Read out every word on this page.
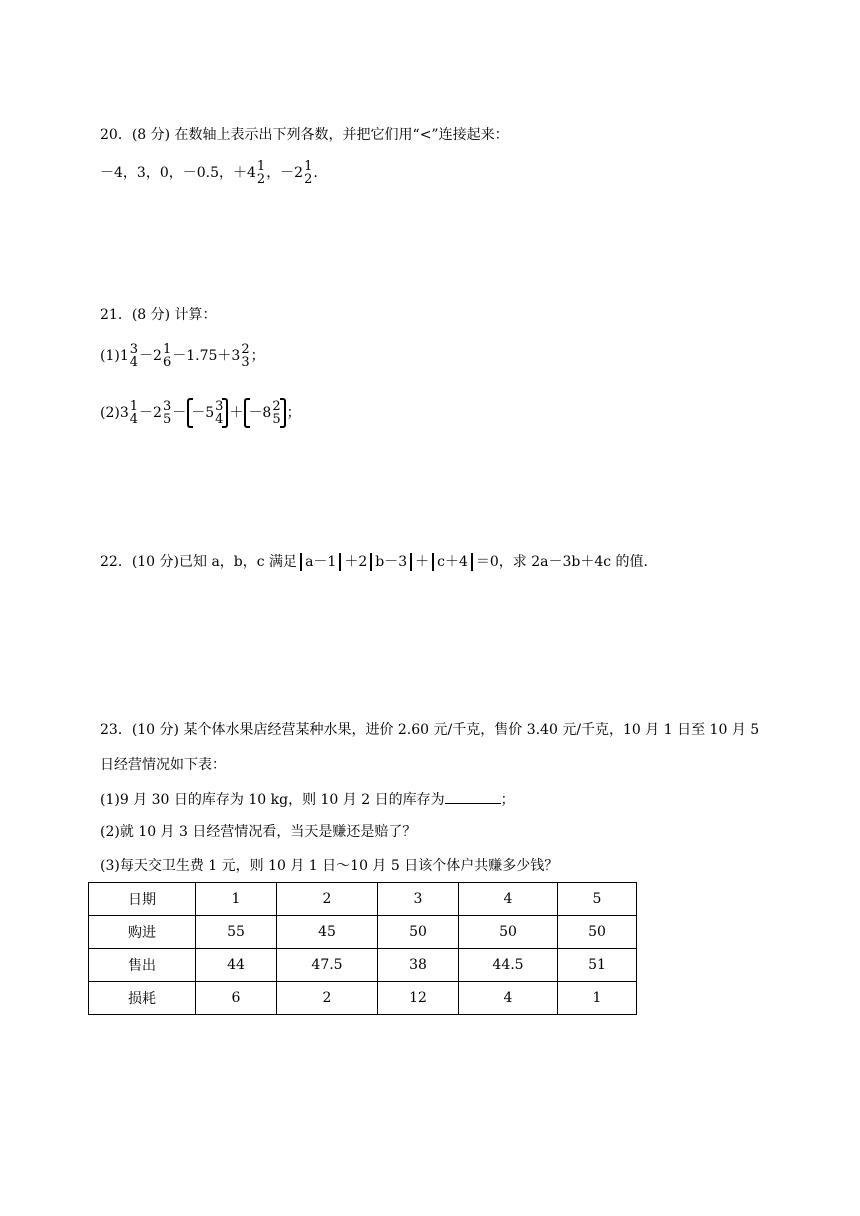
20．(8 分) 在数轴上表示出下列各数，并把它们用“<”连接起来：
－4，3，0，－0.5，＋4 1
2 ，－2 1
2 .
21．(8 分) 计算：
(1)1 3
4 －2 1
6 －1.75＋3 2
3 ；
(2)3 1
4 －2 3
5 － －5 3
4 ＋ －8 2
5 ；
22．(10 分)已知 a，b，c 满足 a－1 ＋2 b－3 ＋ c＋4 ＝0，求 2a－3b＋4c 的值.
23．(10 分) 某个体水果店经营某种水果，进价 2.60 元/千克，售价 3.40 元/千克，10 月 1 日至 10 月 5
日经营情况如下表：
(1)9 月 30 日的库存为 10 kg，则 10 月 2 日的库存为	；
(2)就 10 月 3 日经营情况看，当天是赚还是赔了？
(3)每天交卫生费 1 元，则 10 月 1 日～10 月 5 日该个体户共赚多少钱？
日期	1	2	3	4	5
购进	55	45	50	50	50
售出	44	47.5	38	44.5	51
损耗	6	2	12	4	1
